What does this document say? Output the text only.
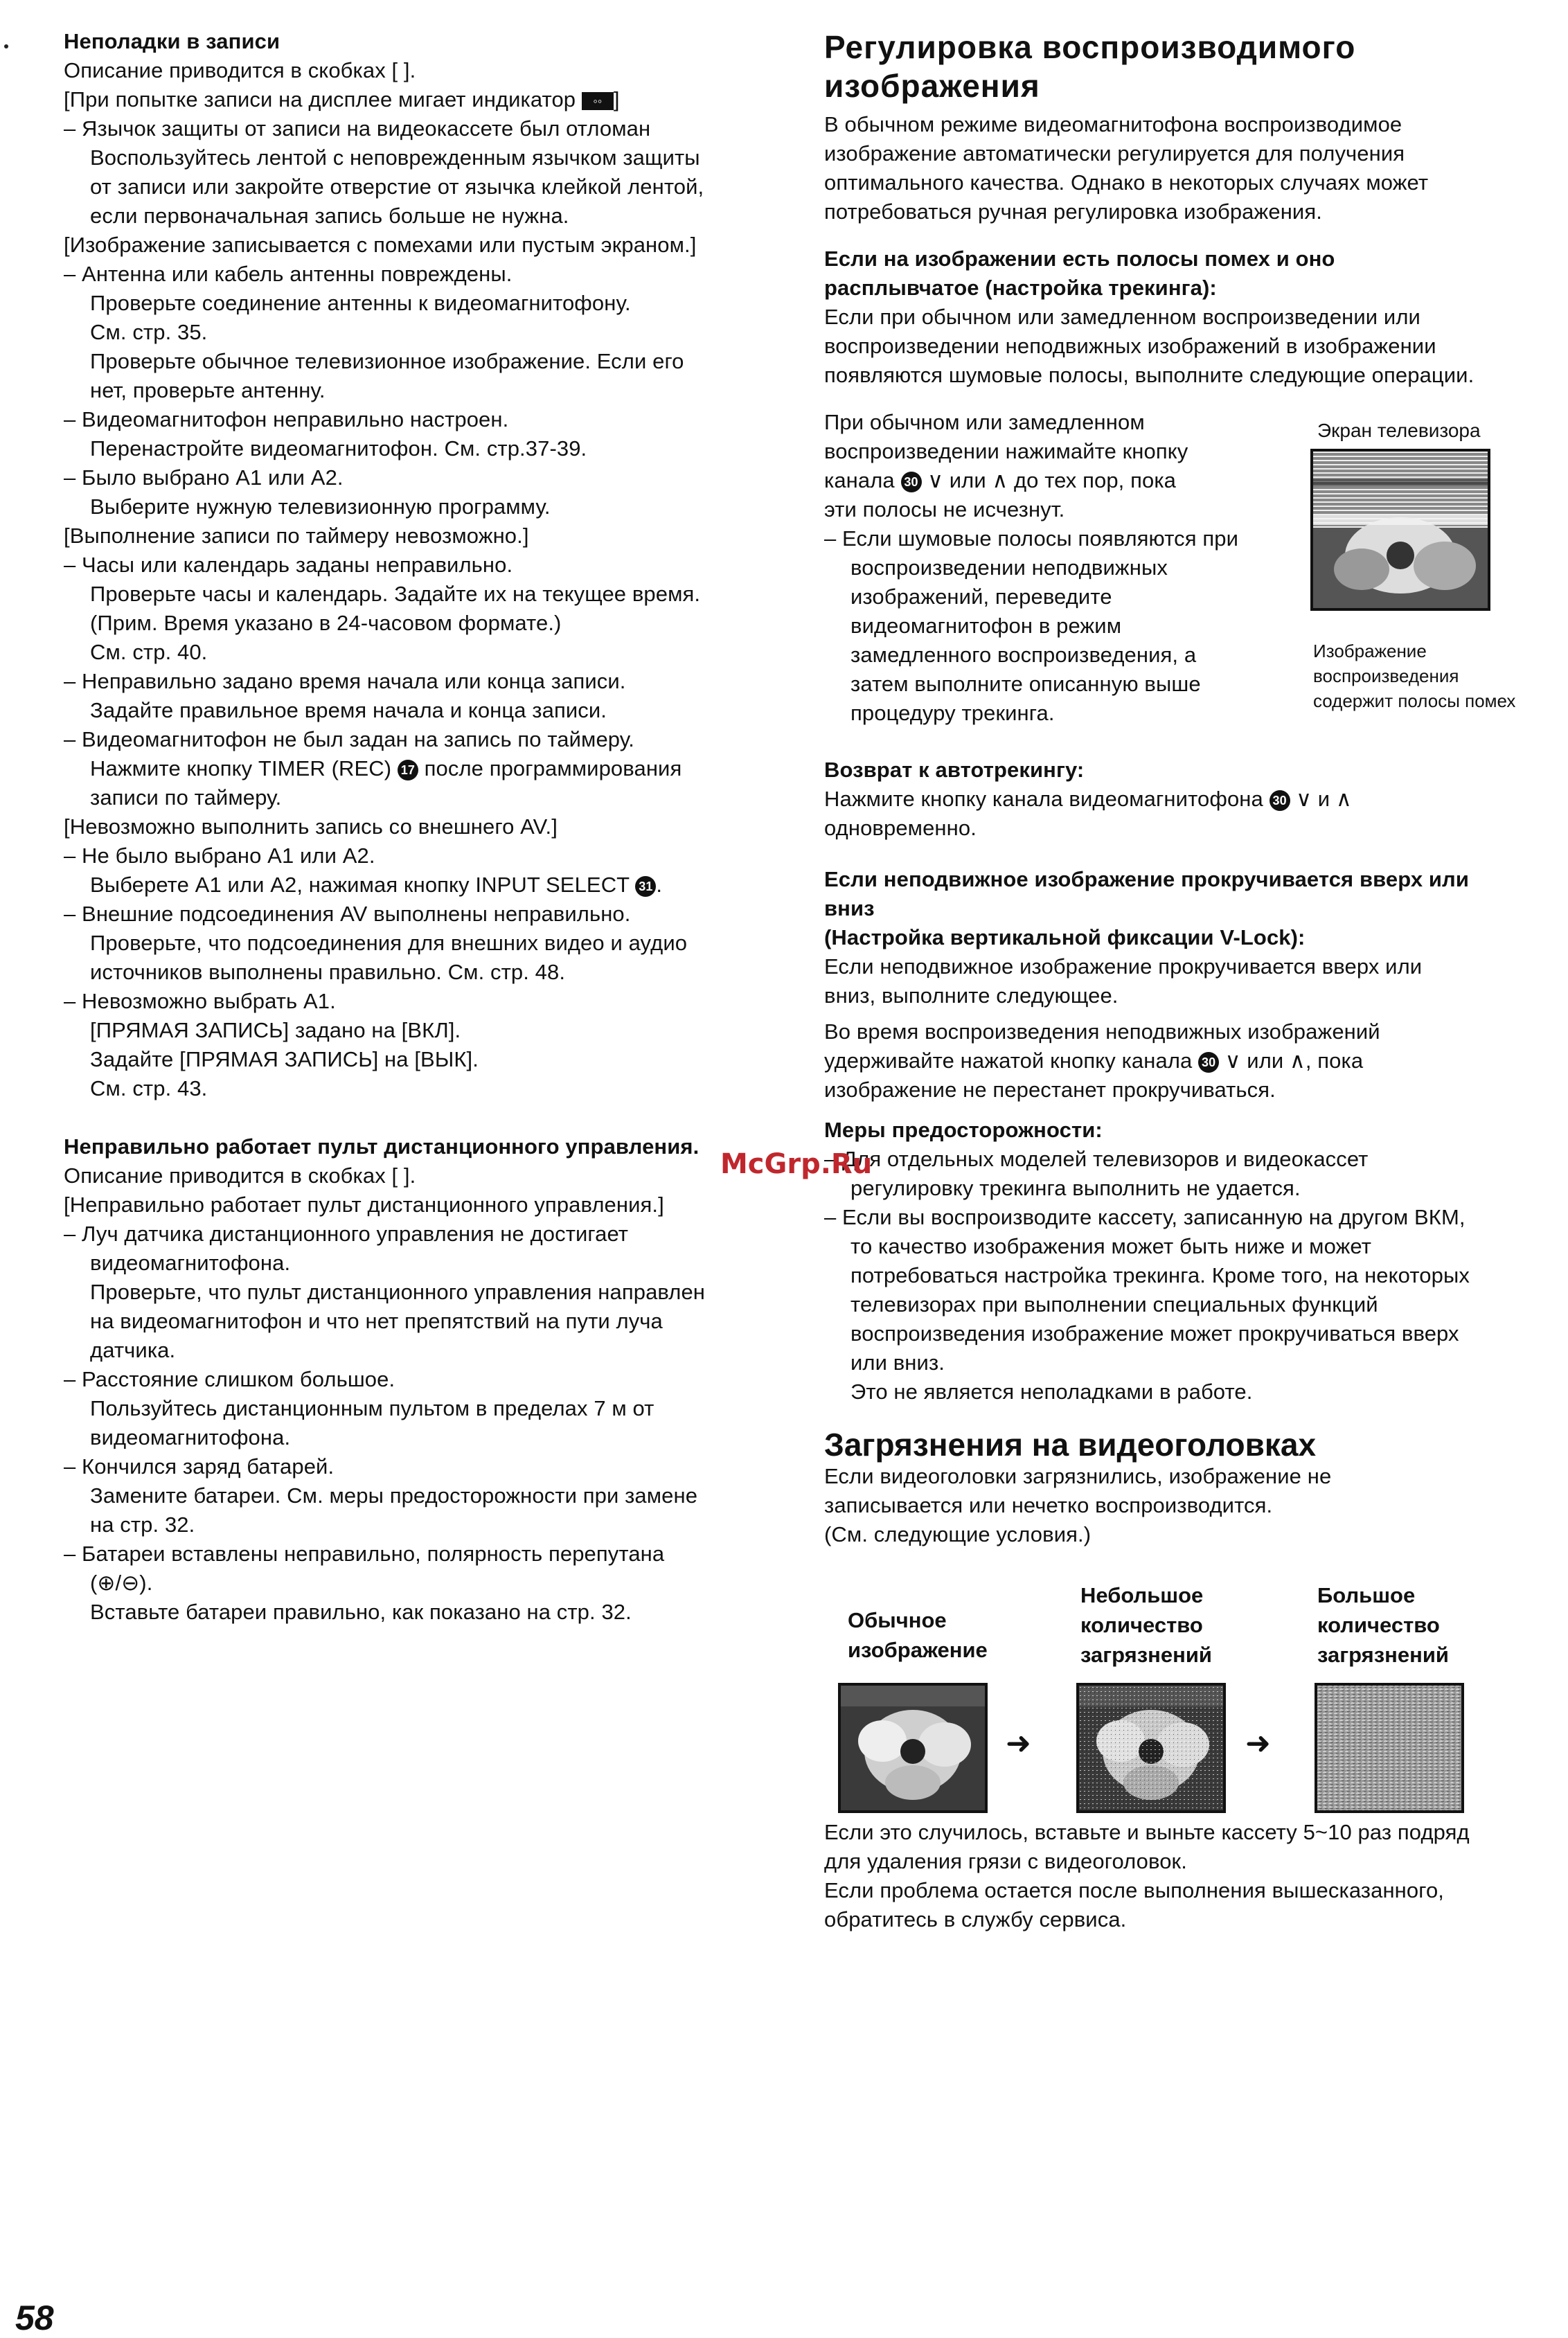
Неполадки в записи
Описание приводится в скобках [ ].
[При попытке записи на дисплее мигает индикатор ◦◦ ]
– Язычок защиты от записи на видеокассете был отломан
Воспользуйтесь лентой с неповрежденным язычком защиты
от записи или закройте отверстие от язычка клейкой лентой,
если первоначальная запись больше не нужна.
[Изображение записывается с помехами или пустым экраном.]
– Антенна или кабель антенны повреждены.
Проверьте соединение антенны к видеомагнитофону.
См. стр. 35.
Проверьте обычное телевизионное изображение. Если его
нет, проверьте антенну.
– Видеомагнитофон неправильно настроен.
Перенастройте видеомагнитофон. См. стр.37-39.
– Было выбрано A1 или A2.
Выберите нужную телевизионную программу.
[Выполнение записи по таймеру невозможно.]
– Часы или календарь заданы неправильно.
Проверьте часы и календарь. Задайте их на текущее время.
(Прим. Время указано в 24-часовом формате.)
См. стр. 40.
– Неправильно задано время начала или конца записи.
Задайте правильное время начала и конца записи.
– Видеомагнитофон не был задан на запись по таймеру.
Нажмите кнопку TIMER (REC) 17 после программирования
записи по таймеру.
[Невозможно выполнить запись со внешнего AV.]
– Не было выбрано A1 или A2.
Выберете A1 или A2, нажимая кнопку INPUT SELECT 31 .
– Внешние подсоединения AV выполнены неправильно.
Проверьте, что подсоединения для внешних видео и аудио
источников выполнены правильно. См. стр. 48.
– Невозможно выбрать A1.
[ПРЯМАЯ ЗАПИСЬ] задано на [ВКЛ].
Задайте [ПРЯМАЯ ЗАПИСЬ] на [ВЫК].
См. стр. 43.
Неправильно работает пульт дистанционного управления.
Описание приводится в скобках [ ].
[Неправильно работает пульт дистанционного управления.]
– Луч датчика дистанционного управления не достигает
видеомагнитофона.
Проверьте, что пульт дистанционного управления направлен
на видеомагнитофон и что нет препятствий на пути луча
датчика.
– Расстояние слишком большое.
Пользуйтесь дистанционным пультом в пределах 7 м от
видеомагнитофона.
– Кончился заряд батарей.
Замените батареи. См. меры предосторожности при замене
на стр. 32.
– Батареи вставлены неправильно, полярность перепутана
(⊕/⊖).
Вставьте батареи правильно, как показано на стр. 32.
Регулировка воспроизводимого
изображения
Экран телевизора
Изображение
воспроизведения
содержит полосы помех
Загрязнения на видеоголовках
Обычное
изображение
Небольшое
количество
загрязнений
Большое
количество
загрязнений
➜	➜
В обычном режиме видеомагнитофона воспроизводимое
изображение автоматически регулируется для получения
оптимального качества. Однако в некоторых случаях может
потребоваться ручная регулировка изображения.
Если на изображении есть полосы помех и оно
расплывчатое (настройка трекинга):
Если при обычном или замедленном воспроизведении или
воспроизведении неподвижных изображений в изображении
появляются шумовые полосы, выполните следующие операции.
При обычном или замедленном
воспроизведении нажимайте кнопку
канала 30 ∨ или ∧ до тех пор, пока
эти полосы не исчезнут.
– Если шумовые полосы появляются при
воспроизведении неподвижных
изображений, переведите
видеомагнитофон в режим
замедленного воспроизведения, а
затем выполните описанную выше
процедуру трекинга.
Возврат к автотрекингу:
Нажмите кнопку канала видеомагнитофона 30 ∨ и ∧
одновременно.
Если неподвижное изображение прокручивается вверх или
вниз
(Настройка вертикальной фиксации V-Lock):
Если неподвижное изображение прокручивается вверх или
вниз, выполните следующее.
Во время воспроизведения неподвижных изображений
удерживайте нажатой кнопку канала 30 ∨ или ∧, пока
изображение не перестанет прокручиваться.
Меры предосторожности:
– Для отдельных моделей телевизоров и видеокассет
регулировку трекинга выполнить не удается.
– Если вы воспроизводите кассету, записанную на другом ВКМ,
то качество изображения может быть ниже и может
потребоваться настройка трекинга. Кроме того, на некоторых
телевизорах при выполнении специальных функций
воспроизведения изображение может прокручиваться вверх
или вниз.
Это не является неполадками в работе.
Если видеоголовки загрязнились, изображение не
записывается или нечетко воспроизводится.
(См. следующие условия.)
Если это случилось, вставьте и выньте кассету 5~10 раз подряд
для удаления грязи с видеоголовок.
Если проблема остается после выполнения вышесказанного,
обратитесь в службу сервиса.
McGrp.Ru
58
